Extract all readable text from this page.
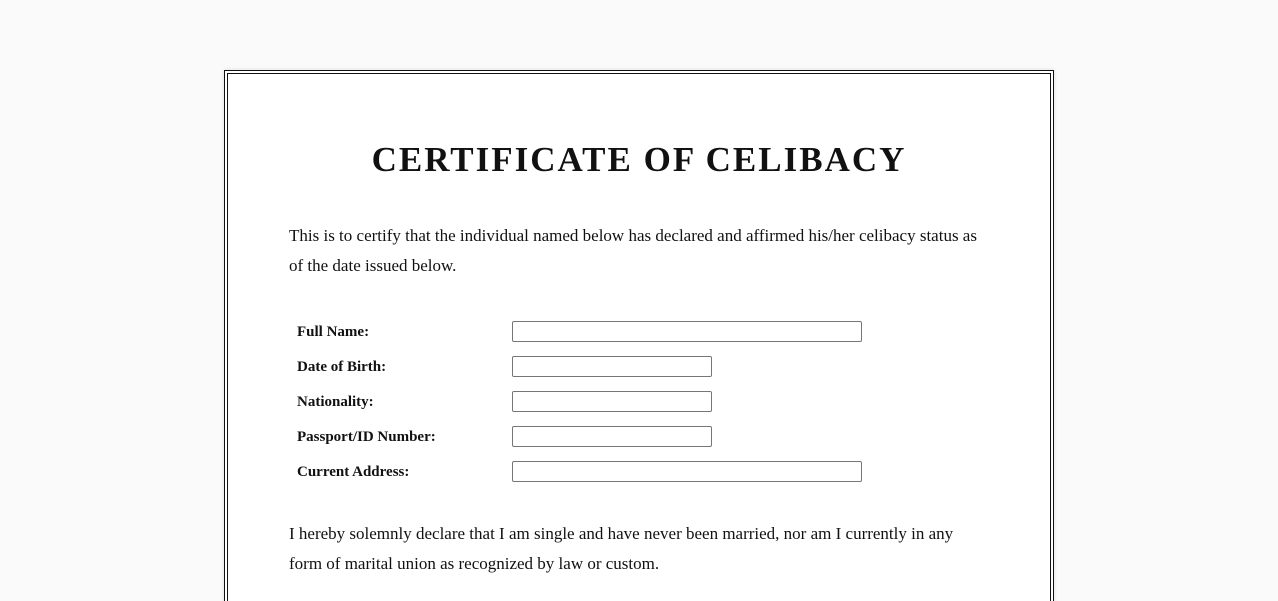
CERTIFICATE OF CELIBACY

This is to certify that the individual named below has declared and affirmed his/her celibacy status as of the date issued below.

Full Name:
Date of Birth:
Nationality:
Passport/ID Number:
Current Address:

I hereby solemnly declare that I am single and have never been married, nor am I currently in any form of marital union as recognized by law or custom.
